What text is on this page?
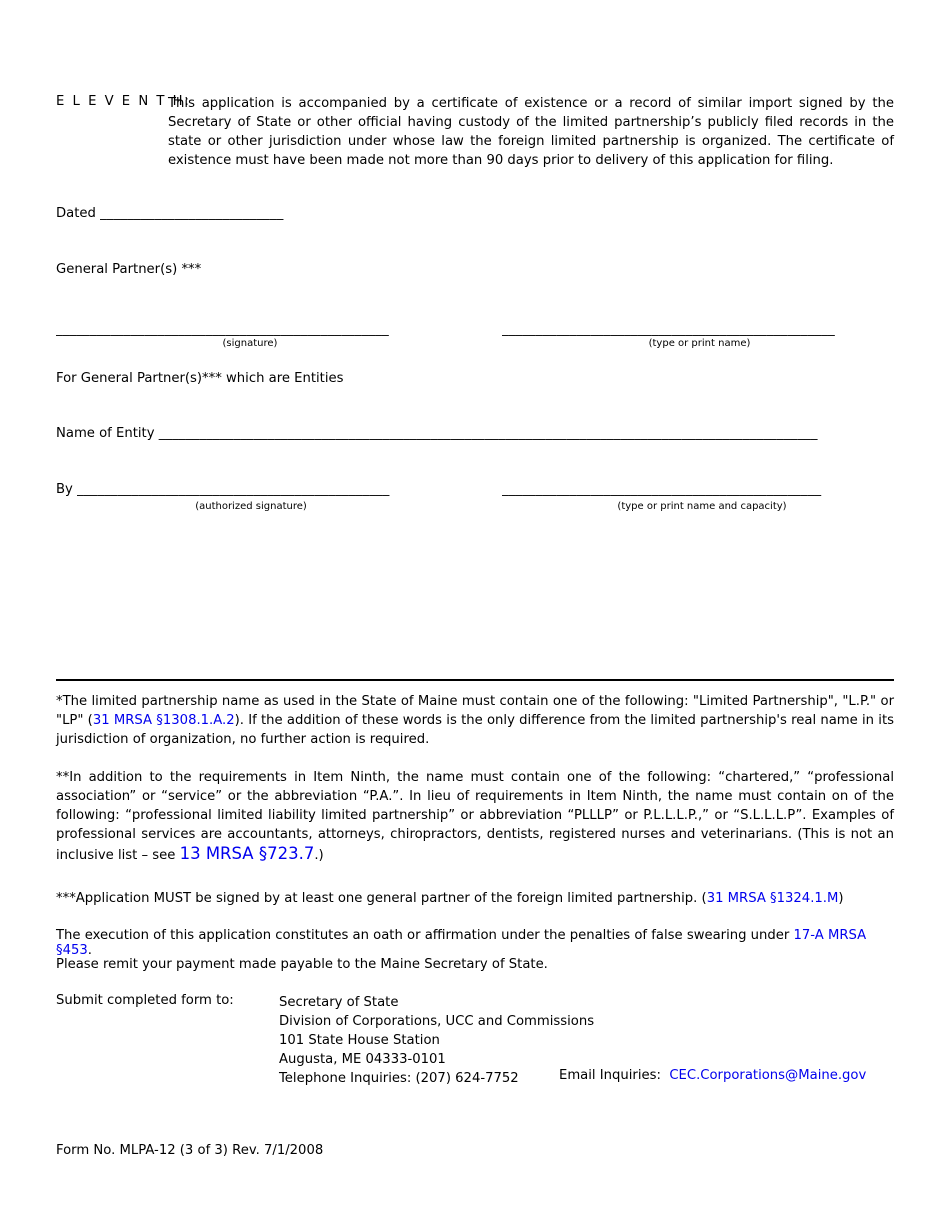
E L E V E N T H:
This application is accompanied by a certificate of existence or a record of similar import signed by the Secretary of State or other official having custody of the limited partnership’s publicly filed records in the state or other jurisdiction under whose law the foreign limited partnership is organized. The certificate of existence must have been made not more than 90 days prior to delivery of this application for filing.
Dated ___________________________
General Partner(s) ***
_________________________________________________	_________________________________________________
(signature)	(type or print name)
For General Partner(s)*** which are Entities
Name of Entity _________________________________________________________________________________________________
By ______________________________________________	_______________________________________________
(authorized signature)	(type or print name and capacity)
*The limited partnership name as used in the State of Maine must contain one of the following: "Limited Partnership", "L.P." or "LP" (31 MRSA §1308.1.A.2). If the addition of these words is the only difference from the limited partnership's real name in its jurisdiction of organization, no further action is required.
**In addition to the requirements in Item Ninth, the name must contain one of the following: “chartered,” “professional association” or “service” or the abbreviation “P.A.”. In lieu of requirements in Item Ninth, the name must contain on of the following: “professional limited liability limited partnership” or abbreviation “PLLLP” or P.L.L.L.P.,” or “S.L.L.L.P”. Examples of professional services are accountants, attorneys, chiropractors, dentists, registered nurses and veterinarians. (This is not an inclusive list – see 13 MRSA §723.7.)
***Application MUST be signed by at least one general partner of the foreign limited partnership. (31 MRSA §1324.1.M)
The execution of this application constitutes an oath or affirmation under the penalties of false swearing under 17-A MRSA §453.
Please remit your payment made payable to the Maine Secretary of State.
Submit completed form to:	Secretary of State
Division of Corporations, UCC and Commissions
101 State House Station
Augusta, ME 04333-0101
Telephone Inquiries: (207) 624-7752	Email Inquiries: CEC.Corporations@Maine.gov
Form No. MLPA-12 (3 of 3) Rev. 7/1/2008
